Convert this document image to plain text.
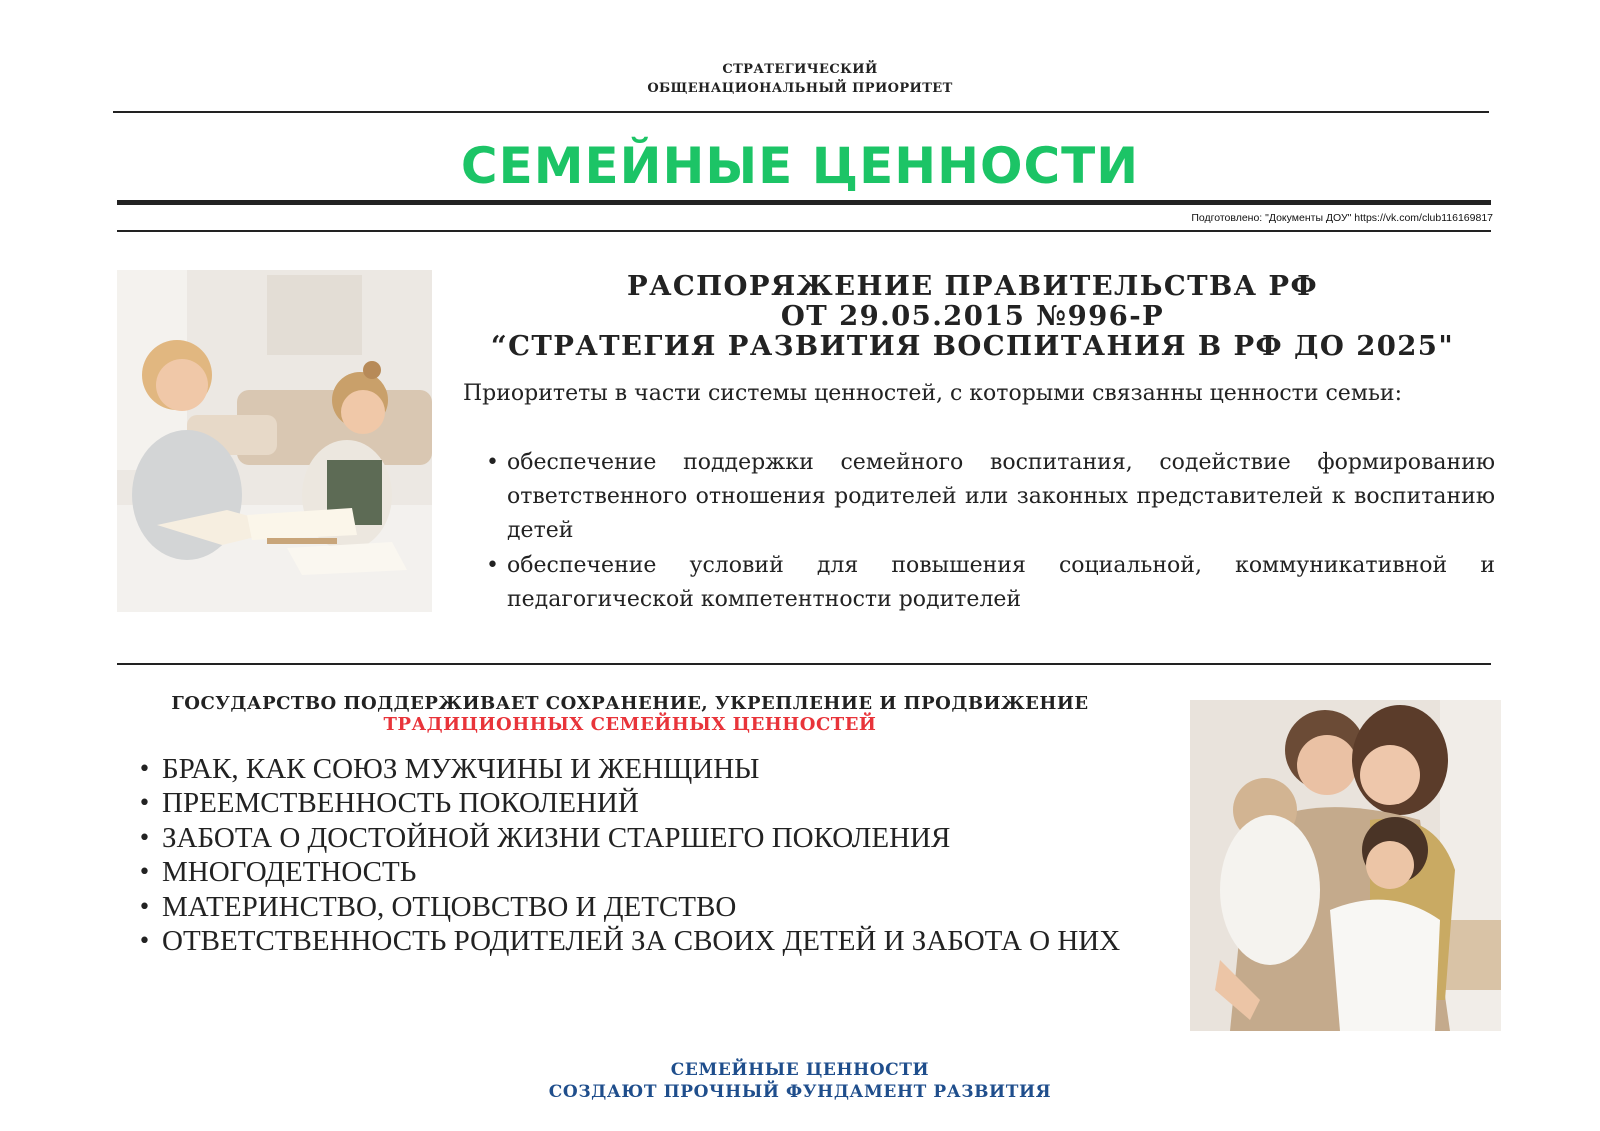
СТРАТЕГИЧЕСКИЙ
ОБЩЕНАЦИОНАЛЬНЫЙ ПРИОРИТЕТ
СЕМЕЙНЫЕ ЦЕННОСТИ
Подготовлено: "Документы ДОУ" https://vk.com/club116169817
РАСПОРЯЖЕНИЕ ПРАВИТЕЛЬСТВА РФ
ОТ 29.05.2015 №996-Р
“СТРАТЕГИЯ РАЗВИТИЯ ВОСПИТАНИЯ В РФ ДО 2025"
Приоритеты в части системы ценностей, с которыми связанны ценности семьи:
• обеспечение поддержки семейного воспитания, содействие формированию ответственного отношения родителей или законных представителей к воспитанию детей
• обеспечение условий для повышения социальной, коммуникативной и педагогической компетентности родителей
ГОСУДАРСТВО ПОДДЕРЖИВАЕТ СОХРАНЕНИЕ, УКРЕПЛЕНИЕ И ПРОДВИЖЕНИЕ
ТРАДИЦИОННЫХ СЕМЕЙНЫХ ЦЕННОСТЕЙ
• БРАК, КАК СОЮЗ МУЖЧИНЫ И ЖЕНЩИНЫ
• ПРЕЕМСТВЕННОСТЬ ПОКОЛЕНИЙ
• ЗАБОТА О ДОСТОЙНОЙ ЖИЗНИ СТАРШЕГО ПОКОЛЕНИЯ
• МНОГОДЕТНОСТЬ
• МАТЕРИНСТВО, ОТЦОВСТВО И ДЕТСТВО
• ОТВЕТСТВЕННОСТЬ РОДИТЕЛЕЙ ЗА СВОИХ ДЕТЕЙ И ЗАБОТА О НИХ
СЕМЕЙНЫЕ ЦЕННОСТИ
СОЗДАЮТ ПРОЧНЫЙ ФУНДАМЕНТ РАЗВИТИЯ
